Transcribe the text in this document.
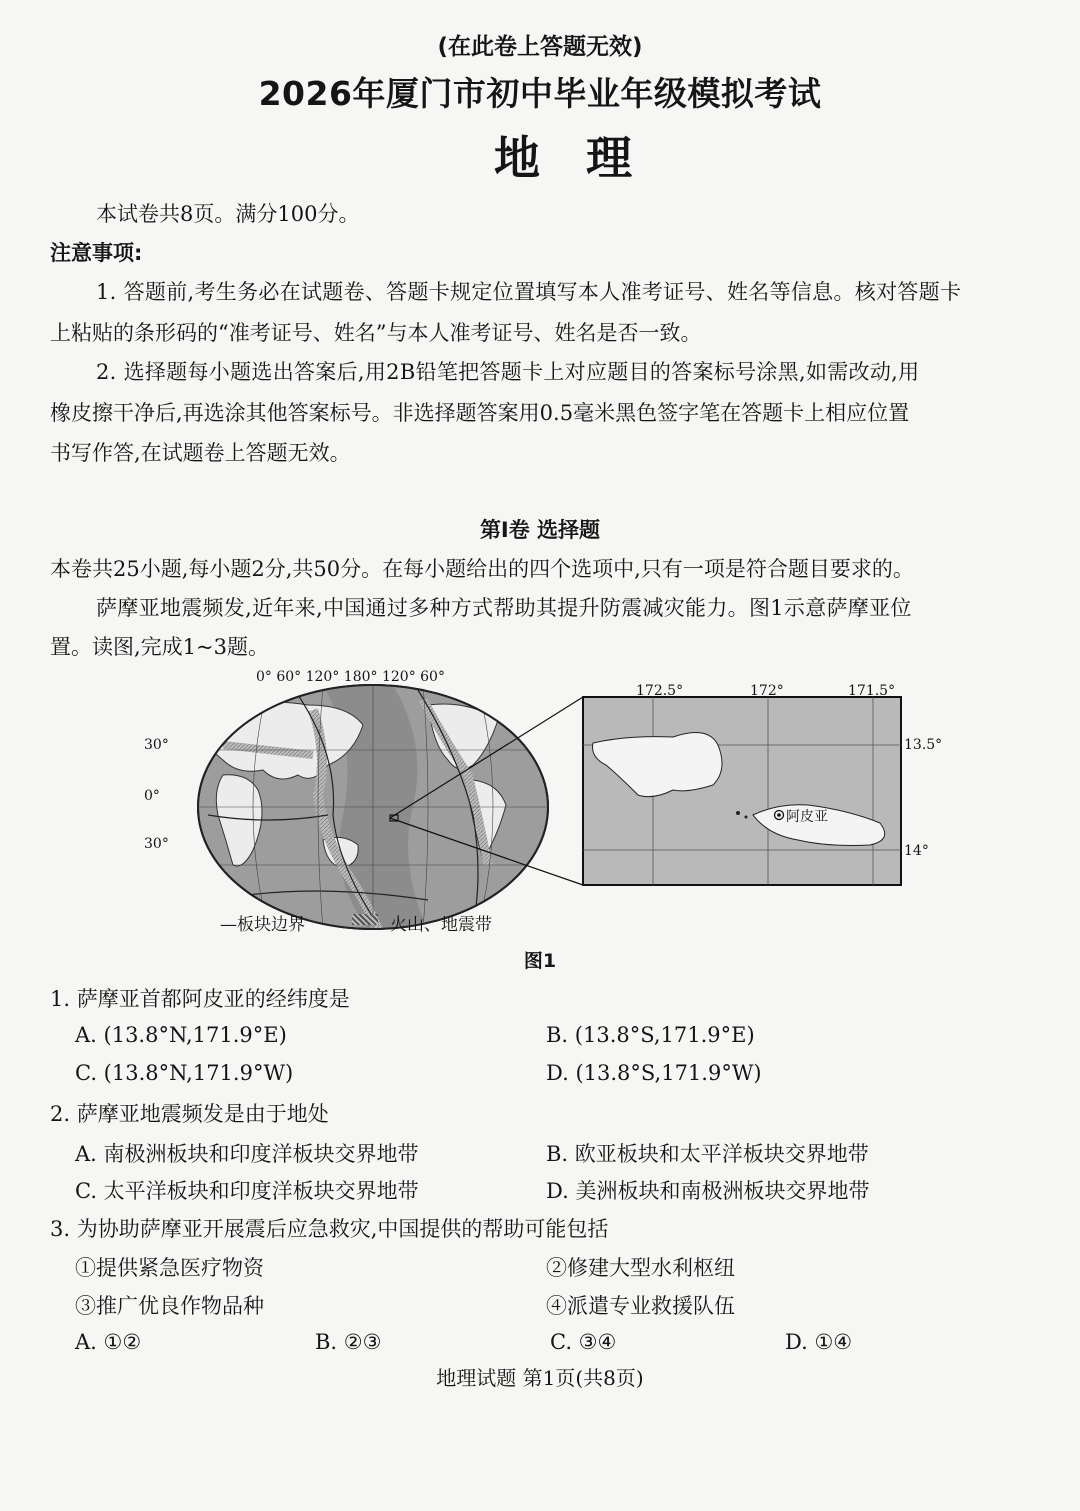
(在此卷上答题无效)
2026年厦门市初中毕业年级模拟考试
地理
本试卷共8页。满分100分。
注意事项:
1. 答题前,考生务必在试题卷、答题卡规定位置填写本人准考证号、姓名等信息。核对答题卡
上粘贴的条形码的“准考证号、姓名”与本人准考证号、姓名是否一致。
2. 选择题每小题选出答案后,用2B铅笔把答题卡上对应题目的答案标号涂黑,如需改动,用
橡皮擦干净后,再选涂其他答案标号。非选择题答案用0.5毫米黑色签字笔在答题卡上相应位置
书写作答,在试题卷上答题无效。
第Ⅰ卷 选择题
本卷共25小题,每小题2分,共50分。在每小题给出的四个选项中,只有一项是符合题目要求的。
萨摩亚地震频发,近年来,中国通过多种方式帮助其提升防震减灾能力。图1示意萨摩亚位
置。读图,完成1~3题。
0° 60° 120° 180° 120° 60°
30°
0°
30°
172.5°	172°	171.5°
13.5°
14°
阿皮亚
—板块边界	火山、地震带
图1
1. 萨摩亚首都阿皮亚的经纬度是
A. (13.8°N,171.9°E)	B. (13.8°S,171.9°E)
C. (13.8°N,171.9°W)	D. (13.8°S,171.9°W)
2. 萨摩亚地震频发是由于地处
A. 南极洲板块和印度洋板块交界地带	B. 欧亚板块和太平洋板块交界地带
C. 太平洋板块和印度洋板块交界地带	D. 美洲板块和南极洲板块交界地带
3. 为协助萨摩亚开展震后应急救灾,中国提供的帮助可能包括
①提供紧急医疗物资	②修建大型水利枢纽
③推广优良作物品种	④派遣专业救援队伍
A. ①②	B. ②③	C. ③④	D. ①④
地理试题 第1页(共8页)
